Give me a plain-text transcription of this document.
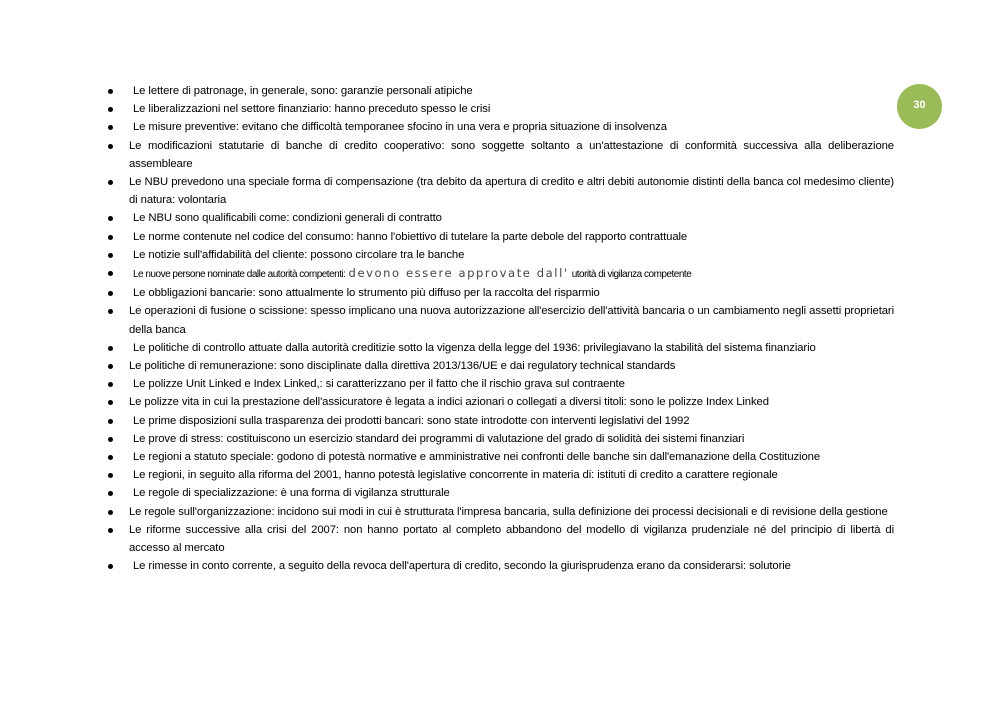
30
Le lettere di patronage, in generale, sono: garanzie personali atipiche
Le liberalizzazioni nel settore finanziario: hanno preceduto spesso le crisi
Le misure preventive: evitano che difficoltà temporanee sfocino in una vera e propria situazione di insolvenza
Le modificazioni statutarie di banche di credito cooperativo: sono soggette soltanto a un'attestazione di conformità successiva alla deliberazione assembleare
Le NBU prevedono una speciale forma di compensazione (tra debito da apertura di credito e altri debiti autonomie distinti della banca col medesimo cliente) di natura: volontaria
Le NBU sono qualificabili come: condizioni generali di contratto
Le norme contenute nel codice del consumo: hanno l'obiettivo di tutelare la parte debole del rapporto contrattuale
Le notizie sull'affidabilità del cliente: possono circolare tra le banche
Le nuove persone nominate dalle autorità competenti: devono essere approvate dall' utorità di vigilanza competente
Le obbligazioni bancarie: sono attualmente lo strumento più diffuso per la raccolta del risparmio
Le operazioni di fusione o scissione: spesso implicano una nuova autorizzazione all'esercizio dell'attività bancaria o un cambiamento negli assetti proprietari della banca
Le politiche di controllo attuate dalla autorità creditizie sotto la vigenza della legge del 1936: privilegiavano la stabilità del sistema finanziario
Le politiche di remunerazione: sono disciplinate dalla direttiva 2013/136/UE e dai regulatory technical standards
Le polizze Unit Linked e Index Linked,: si caratterizzano per il fatto che il rischio grava sul contraente
Le polizze vita in cui la prestazione dell'assicuratore è legata a indici azionari o collegati a diversi titoli: sono le polizze Index Linked
Le prime disposizioni sulla trasparenza dei prodotti bancari: sono state introdotte con interventi legislativi del 1992
Le prove di stress: costituiscono un esercizio standard dei programmi di valutazione del grado di solidità dei sistemi finanziari
Le regioni a statuto speciale: godono di potestà normative e amministrative nei confronti delle banche sin dall'emanazione della Costituzione
Le regioni, in seguito alla riforma del 2001, hanno potestà legislative concorrente in materia di: istituti di credito a carattere regionale
Le regole di specializzazione: è una forma di vigilanza strutturale
Le regole sull'organizzazione: incidono sui modi in cui è strutturata l'impresa bancaria, sulla definizione dei processi decisionali e di revisione della gestione
Le riforme successive alla crisi del 2007: non hanno portato al completo abbandono del modello di vigilanza prudenziale né del principio di libertà di accesso al mercato
Le rimesse in conto corrente, a seguito della revoca dell'apertura di credito, secondo la giurisprudenza erano da considerarsi: solutorie
